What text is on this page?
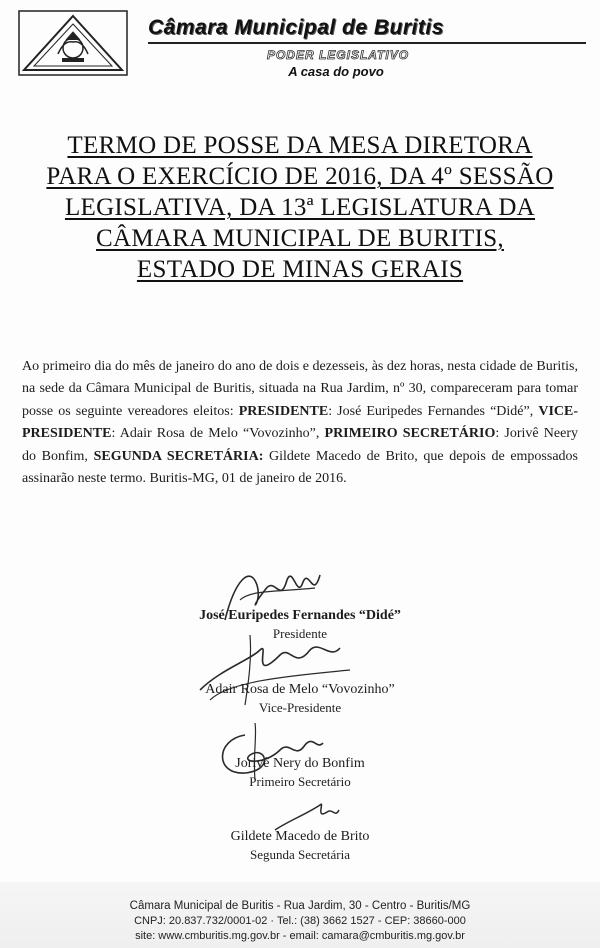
Câmara Municipal de Buritis
PODER LEGISLATIVO
A casa do povo
TERMO DE POSSE DA MESA DIRETORA
PARA O EXERCÍCIO DE 2016, DA 4º SESSÃO
LEGISLATIVA, DA 13ª LEGISLATURA DA
CÂMARA MUNICIPAL DE BURITIS,
ESTADO DE MINAS GERAIS
Ao primeiro dia do mês de janeiro do ano de dois e dezesseis, às dez horas, nesta cidade de Buritis, na sede da Câmara Municipal de Buritis, situada na Rua Jardim, nº 30, compareceram para tomar posse os seguinte vereadores eleitos: PRESIDENTE: José Euripedes Fernandes “Didé”, VICE-PRESIDENTE: Adair Rosa de Melo “Vovozinho”, PRIMEIRO SECRETÁRIO: Jorivê Neery do Bonfim, SEGUNDA SECRETÁRIA: Gildete Macedo de Brito, que depois de empossados assinarão neste termo. Buritis-MG, 01 de janeiro de 2016.
José Euripedes Fernandes “Didé”
Presidente
Adair Rosa de Melo “Vovozinho”
Vice-Presidente
Jorivê Nery do Bonfim
Primeiro Secretário
Gildete Macedo de Brito
Segunda Secretária
Câmara Municipal de Buritis - Rua Jardim, 30 - Centro - Buritis/MG
CNPJ: 20.837.732/0001-02 · Tel.: (38) 3662 1527 - CEP: 38660-000
site: www.cmburitis.mg.gov.br - email: camara@cmburitis.mg.gov.br
